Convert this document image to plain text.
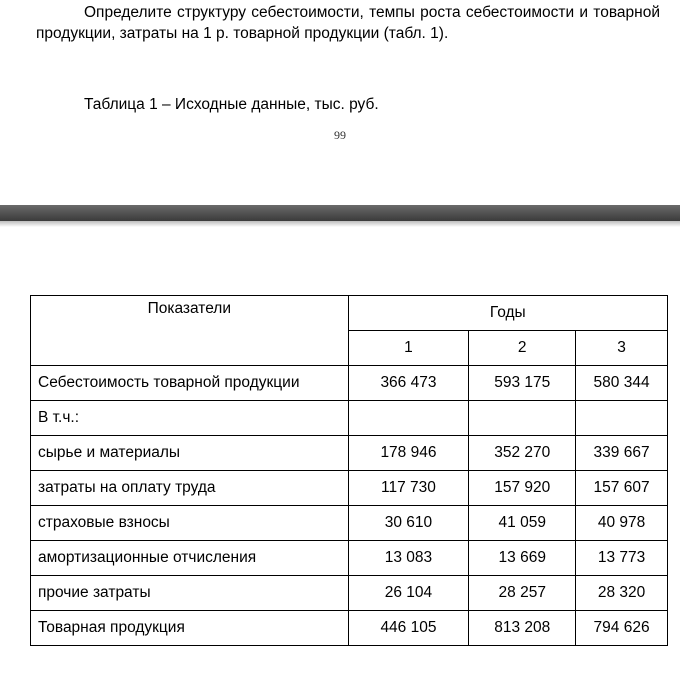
Определите структуру себестоимости, темпы роста себестоимости и товарной продукции, затраты на 1 р. товарной продукции (табл. 1).

Таблица 1 – Исходные данные, тыс. руб.
99
Показатели	Годы		
	1	2	3
Себестоимость товарной продукции	366 473	593 175	580 344
В т.ч.:			
сырье и материалы	178 946	352 270	339 667
затраты на оплату труда	117 730	157 920	157 607
страховые взносы	30 610	41 059	40 978
амортизационные отчисления	13 083	13 669	13 773
прочие затраты	26 104	28 257	28 320
Товарная продукция	446 105	813 208	794 626
